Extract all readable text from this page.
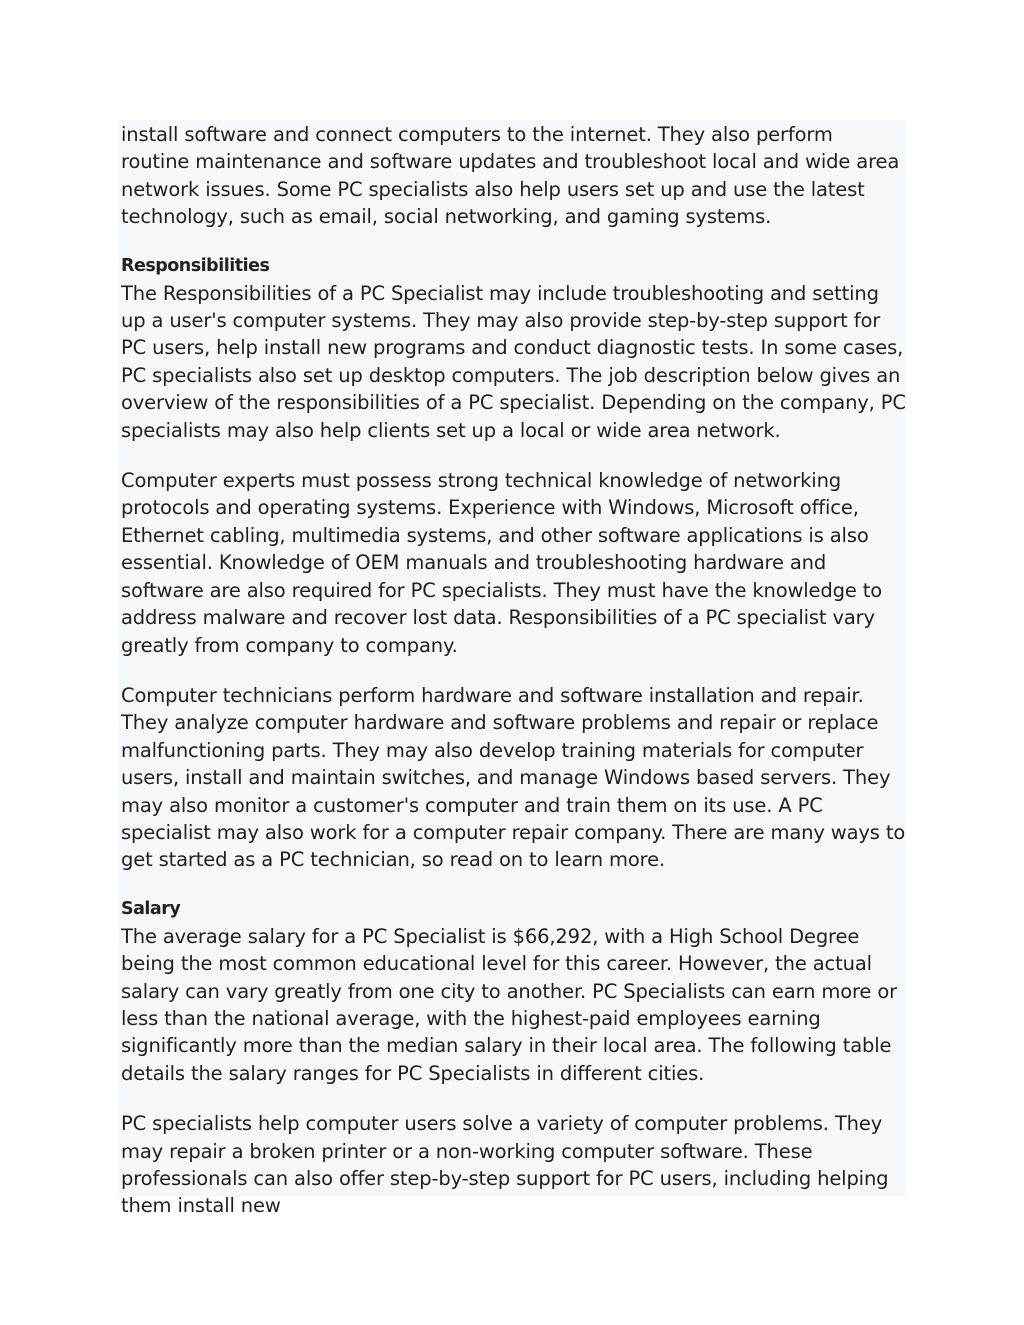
install software and connect computers to the internet. They also perform routine maintenance and software updates and troubleshoot local and wide area network issues. Some PC specialists also help users set up and use the latest technology, such as email, social networking, and gaming systems.

Responsibilities

The Responsibilities of a PC Specialist may include troubleshooting and setting up a user's computer systems. They may also provide step-by-step support for PC users, help install new programs and conduct diagnostic tests. In some cases, PC specialists also set up desktop computers. The job description below gives an overview of the responsibilities of a PC specialist. Depending on the company, PC specialists may also help clients set up a local or wide area network.

Computer experts must possess strong technical knowledge of networking protocols and operating systems. Experience with Windows, Microsoft office, Ethernet cabling, multimedia systems, and other software applications is also essential. Knowledge of OEM manuals and troubleshooting hardware and software are also required for PC specialists. They must have the knowledge to address malware and recover lost data. Responsibilities of a PC specialist vary greatly from company to company.

Computer technicians perform hardware and software installation and repair. They analyze computer hardware and software problems and repair or replace malfunctioning parts. They may also develop training materials for computer users, install and maintain switches, and manage Windows based servers. They may also monitor a customer's computer and train them on its use. A PC specialist may also work for a computer repair company. There are many ways to get started as a PC technician, so read on to learn more.

Salary

The average salary for a PC Specialist is $66,292, with a High School Degree being the most common educational level for this career. However, the actual salary can vary greatly from one city to another. PC Specialists can earn more or less than the national average, with the highest-paid employees earning significantly more than the median salary in their local area. The following table details the salary ranges for PC Specialists in different cities.

PC specialists help computer users solve a variety of computer problems. They may repair a broken printer or a non-working computer software. These professionals can also offer step-by-step support for PC users, including helping them install new
